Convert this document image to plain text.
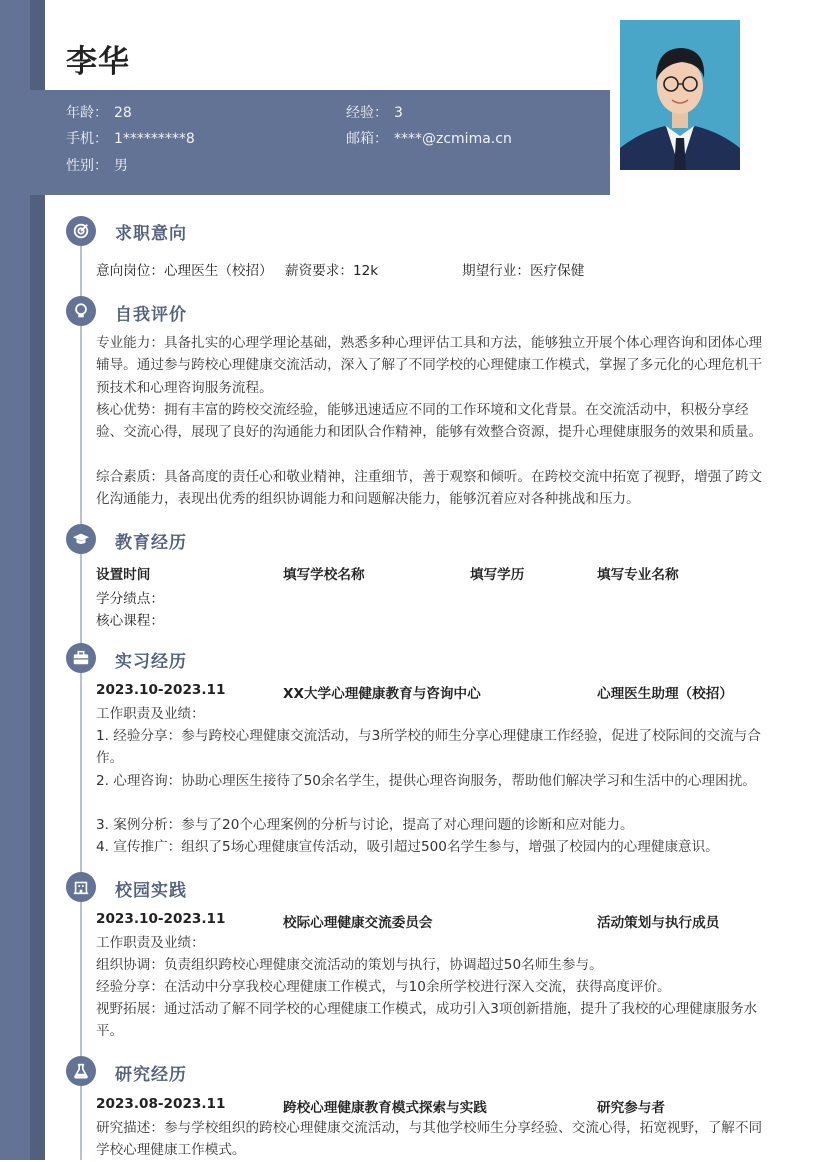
李华
年龄： 28	经验： 3
手机： 1*********8	邮箱： ****@zcmima.cn
性别： 男
求职意向
意向岗位：心理医生（校招） 薪资要求：12k	期望行业：医疗保健
自我评价
专业能力：具备扎实的心理学理论基础，熟悉多种心理评估工具和方法，能够独立开展个体心理咨询和团体心理辅导。通过参与跨校心理健康交流活动，深入了解了不同学校的心理健康工作模式，掌握了多元化的心理危机干预技术和心理咨询服务流程。
核心优势：拥有丰富的跨校交流经验，能够迅速适应不同的工作环境和文化背景。在交流活动中，积极分享经验、交流心得，展现了良好的沟通能力和团队合作精神，能够有效整合资源，提升心理健康服务的效果和质量。
综合素质：具备高度的责任心和敬业精神，注重细节，善于观察和倾听。在跨校交流中拓宽了视野，增强了跨文化沟通能力，表现出优秀的组织协调能力和问题解决能力，能够沉着应对各种挑战和压力。
教育经历
设置时间	填写学校名称	填写学历	填写专业名称
学分绩点：
核心课程：
实习经历
2023.10-2023.11	XX大学心理健康教育与咨询中心	心理医生助理（校招）
工作职责及业绩：
1. 经验分享：参与跨校心理健康交流活动，与3所学校的师生分享心理健康工作经验，促进了校际间的交流与合作。
2. 心理咨询：协助心理医生接待了50余名学生，提供心理咨询服务，帮助他们解决学习和生活中的心理困扰。
3. 案例分析：参与了20个心理案例的分析与讨论，提高了对心理问题的诊断和应对能力。
4. 宣传推广：组织了5场心理健康宣传活动，吸引超过500名学生参与，增强了校园内的心理健康意识。
校园实践
2023.10-2023.11	校际心理健康交流委员会	活动策划与执行成员
工作职责及业绩：
组织协调：负责组织跨校心理健康交流活动的策划与执行，协调超过50名师生参与。
经验分享：在活动中分享我校心理健康工作模式，与10余所学校进行深入交流，获得高度评价。
视野拓展：通过活动了解不同学校的心理健康工作模式，成功引入3项创新措施，提升了我校的心理健康服务水平。
研究经历
2023.08-2023.11	跨校心理健康教育模式探索与实践	研究参与者
研究描述：参与学校组织的跨校心理健康交流活动，与其他学校师生分享经验、交流心得，拓宽视野，了解不同学校心理健康工作模式。
